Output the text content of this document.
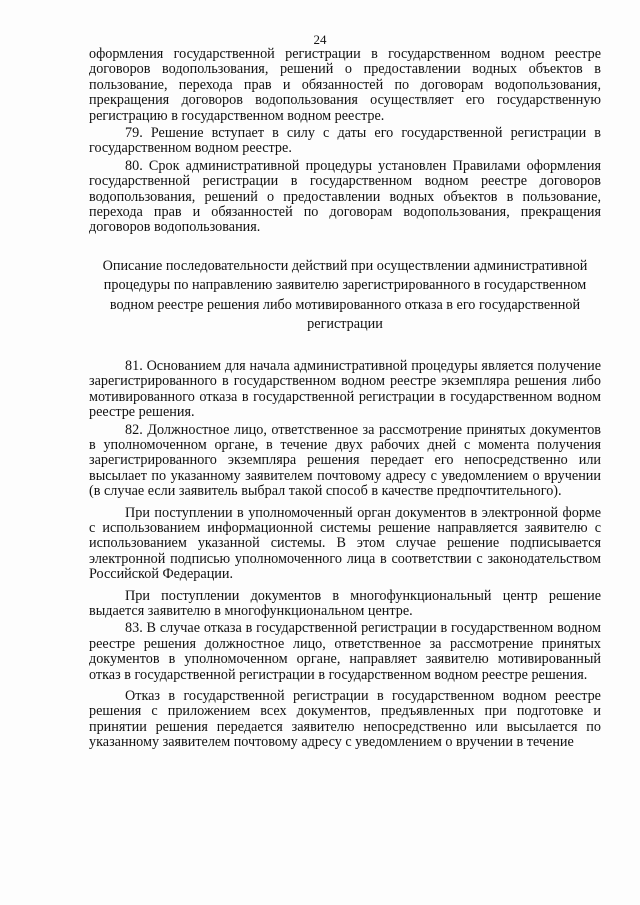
24

оформления государственной регистрации в государственном водном реестре договоров водопользования, решений о предоставлении водных объектов в пользование, перехода прав и обязанностей по договорам водопользования, прекращения договоров водопользования осуществляет его государственную регистрацию в государственном водном реестре.

79. Решение вступает в силу с даты его государственной регистрации в государственном водном реестре.

80. Срок административной процедуры установлен Правилами оформления государственной регистрации в государственном водном реестре договоров водопользования, решений о предоставлении водных объектов в пользование, перехода прав и обязанностей по договорам водопользования, прекращения договоров водопользования.

Описание последовательности действий при осуществлении административной процедуры по направлению заявителю зарегистрированного в государственном водном реестре решения либо мотивированного отказа в его государственной регистрации

81. Основанием для начала административной процедуры является получение зарегистрированного в государственном водном реестре экземпляра решения либо мотивированного отказа в государственной регистрации в государственном водном реестре решения.

82. Должностное лицо, ответственное за рассмотрение принятых документов в уполномоченном органе, в течение двух рабочих дней с момента получения зарегистрированного экземпляра решения передает его непосредственно или высылает по указанному заявителем почтовому адресу с уведомлением о вручении (в случае если заявитель выбрал такой способ в качестве предпочтительного).

При поступлении в уполномоченный орган документов в электронной форме с использованием информационной системы решение направляется заявителю с использованием указанной системы. В этом случае решение подписывается электронной подписью уполномоченного лица в соответствии с законодательством Российской Федерации.

При поступлении документов в многофункциональный центр решение выдается заявителю в многофункциональном центре.

83. В случае отказа в государственной регистрации в государственном водном реестре решения должностное лицо, ответственное за рассмотрение принятых документов в уполномоченном органе, направляет заявителю мотивированный отказ в государственной регистрации в государственном водном реестре решения.

Отказ в государственной регистрации в государственном водном реестре решения с приложением всех документов, предъявленных при подготовке и принятии решения передается заявителю непосредственно или высылается по указанному заявителем почтовому адресу с уведомлением о вручении в течение
